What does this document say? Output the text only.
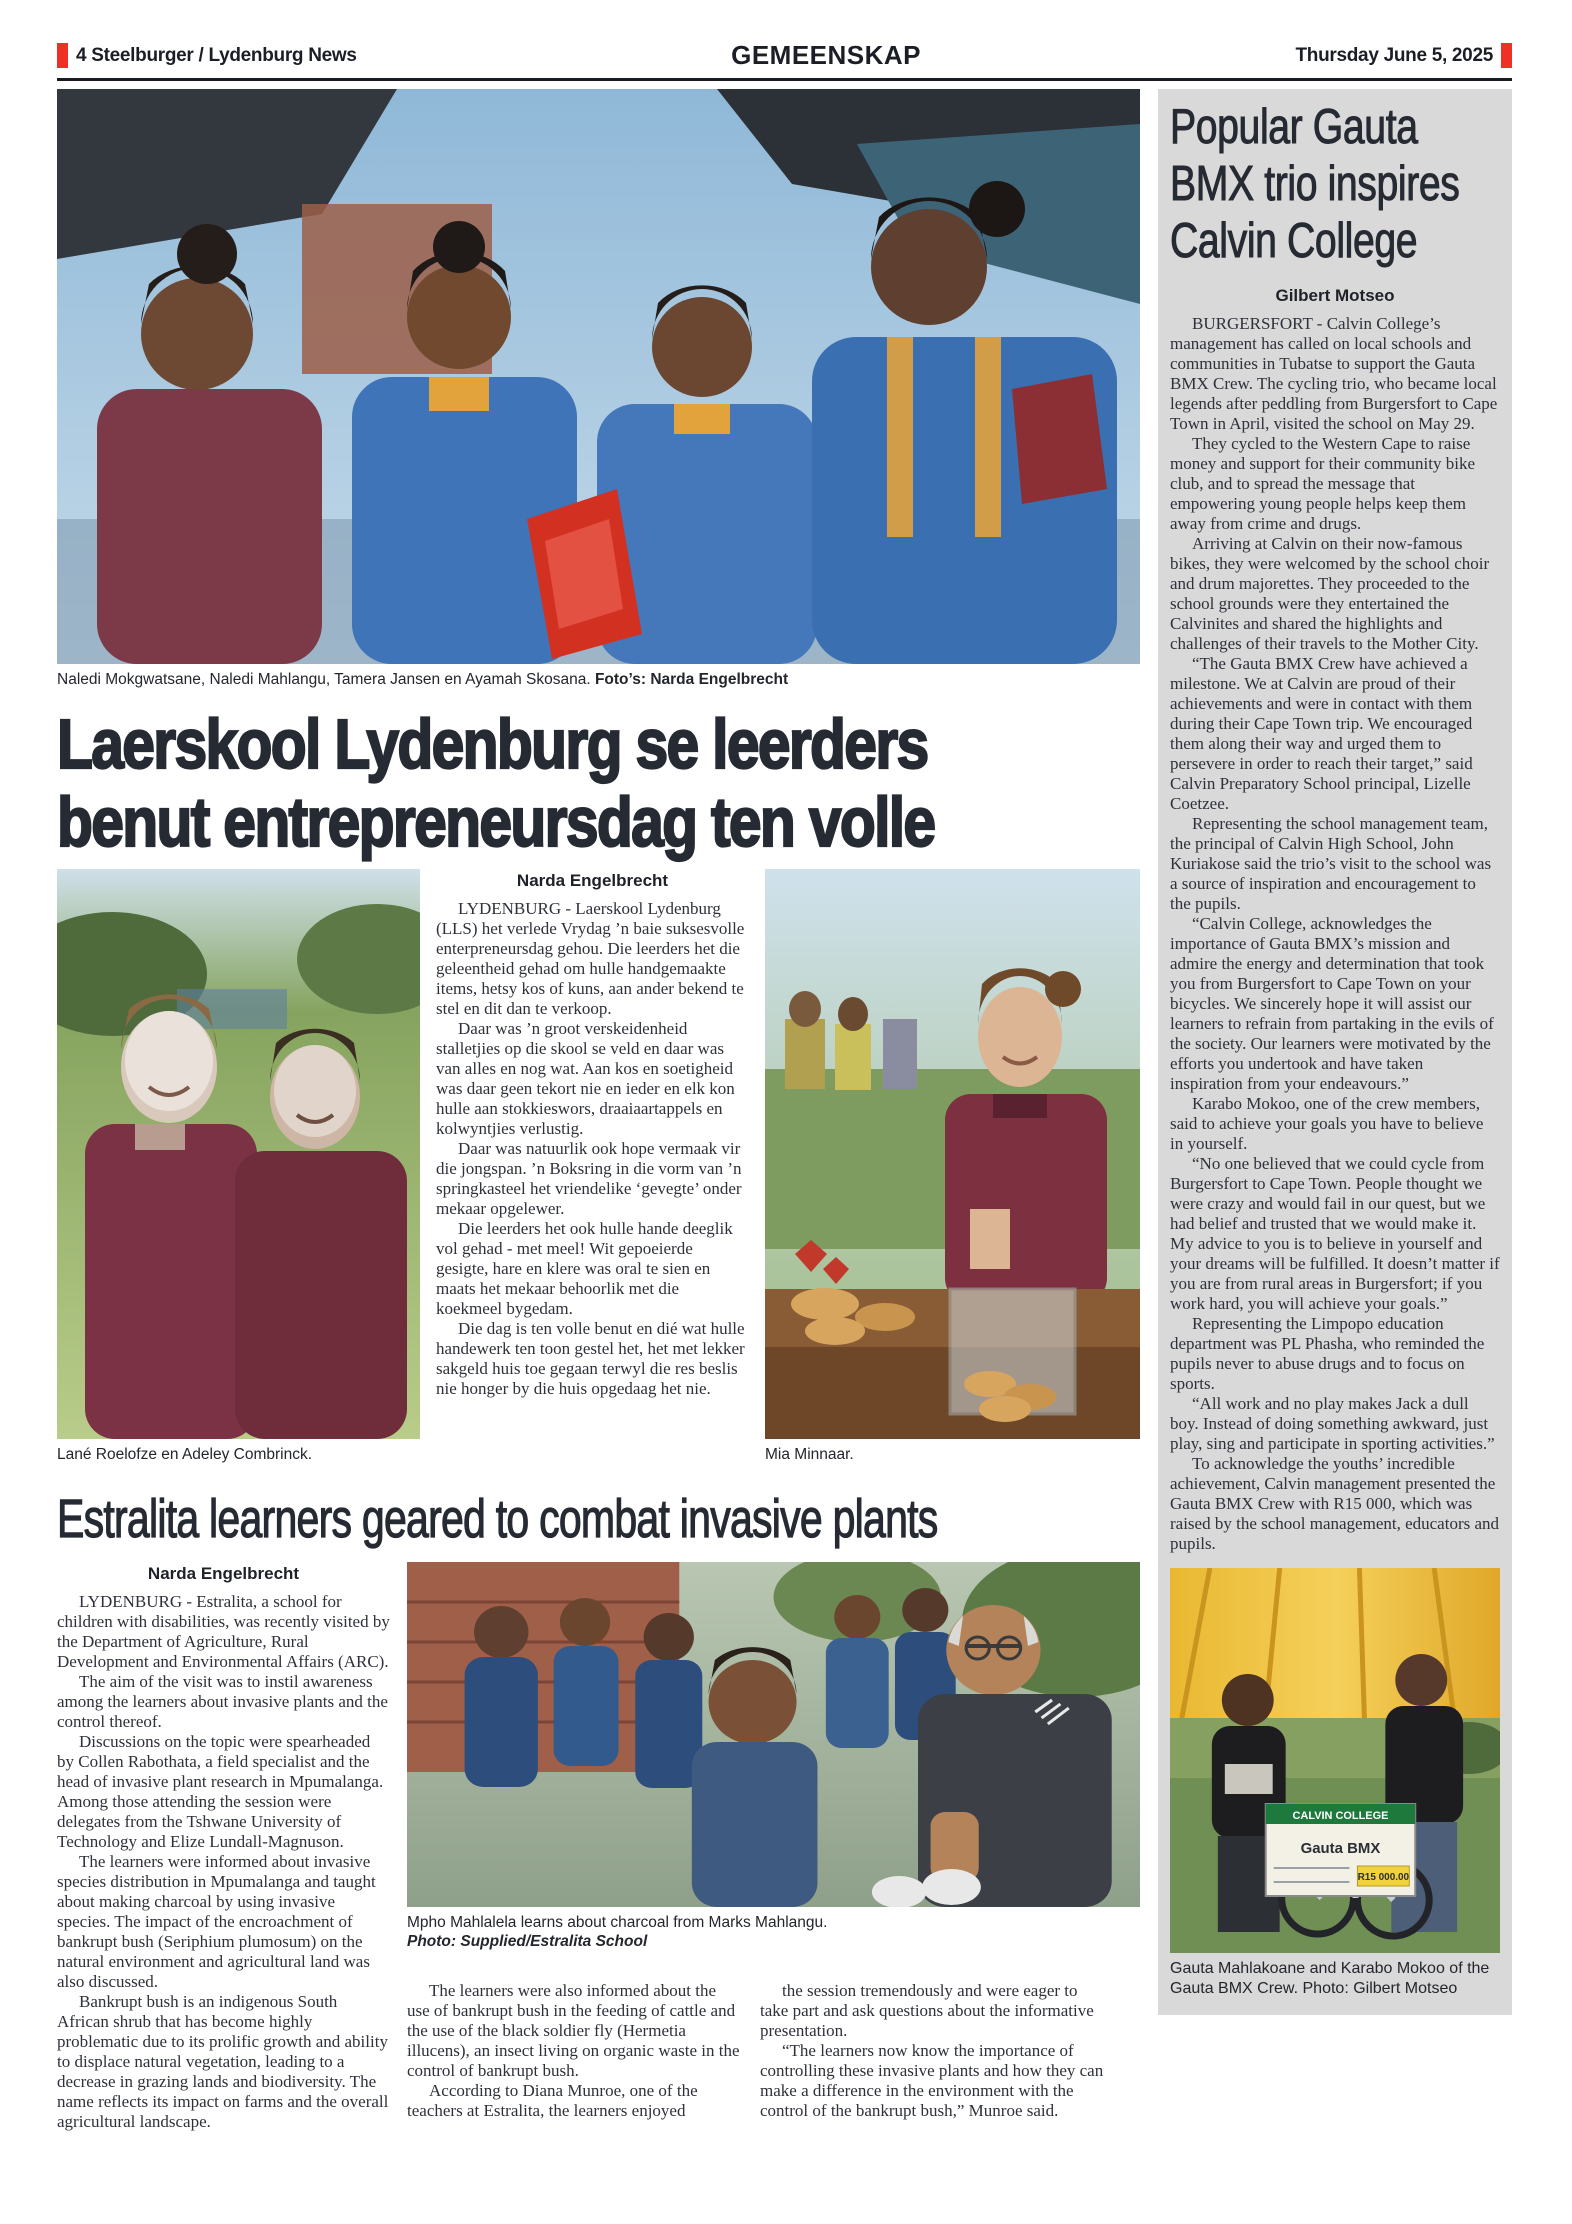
4 Steelburger / Lydenburg News	GEMEENSKAP	Thursday June 5, 2025
Naledi Mokgwatsane, Naledi Mahlangu, Tamera Jansen en Ayamah Skosana. Foto’s: Narda Engelbrecht
Laerskool Lydenburg se leerders
benut entrepreneursdag ten volle
Lané Roelofze en Adeley Combrinck.
Narda Engelbrecht

LYDENBURG - Laerskool Lydenburg (LLS) het verlede Vrydag ’n baie suksesvolle enterpreneursdag gehou. Die leerders het die geleentheid gehad om hulle handgemaakte items, hetsy kos of kuns, aan ander bekend te stel en dit dan te verkoop.

Daar was ’n groot verskeidenheid stalletjies op die skool se veld en daar was van alles en nog wat. Aan kos en soetigheid was daar geen tekort nie en ieder en elk kon hulle aan stokkieswors, draaiaartappels en kolwyntjies verlustig.

Daar was natuurlik ook hope vermaak vir die jongspan. ’n Boksring in die vorm van ’n springkasteel het vriendelike ‘gevegte’ onder mekaar opgelewer.

Die leerders het ook hulle hande deeglik vol gehad - met meel! Wit gepoeierde gesigte, hare en klere was oral te sien en maats het mekaar behoorlik met die koekmeel bygedam.

Die dag is ten volle benut en dié wat hulle handewerk ten toon gestel het, het met lekker sakgeld huis toe gegaan terwyl die res beslis nie honger by die huis opgedaag het nie.

Mia Minnaar.
Estralita learners geared to combat invasive plants
Narda Engelbrecht

LYDENBURG - Estralita, a school for children with disabilities, was recently visited by the Department of Agriculture, Rural Development and Environmental Affairs (ARC).

The aim of the visit was to instil awareness among the learners about invasive plants and the control thereof.

Discussions on the topic were spearheaded by Collen Rabothata, a field specialist and the head of invasive plant research in Mpumalanga. Among those attending the session were delegates from the Tshwane University of Technology and Elize Lundall-Magnuson.

The learners were informed about invasive species distribution in Mpumalanga and taught about making charcoal by using invasive species. The impact of the encroachment of bankrupt bush (Seriphium plumosum) on the natural environment and agricultural land was also discussed.

Bankrupt bush is an indigenous South African shrub that has become highly problematic due to its prolific growth and ability to displace natural vegetation, leading to a decrease in grazing lands and biodiversity. The name reflects its impact on farms and the overall agricultural landscape.

Mpho Mahlalela learns about charcoal from Marks Mahlangu.
Photo: Supplied/Estralita School

The learners were also informed about the use of bankrupt bush in the feeding of cattle and the use of the black soldier fly (Hermetia illucens), an insect living on organic waste in the control of bankrupt bush.

According to Diana Munroe, one of the teachers at Estralita, the learners enjoyed

the session tremendously and were eager to take part and ask questions about the informative presentation.

“The learners now know the importance of controlling these invasive plants and how they can make a difference in the environment with the control of the bankrupt bush,” Munroe said.

Popular Gauta
BMX trio inspires
Calvin College
Gilbert Motseo

BURGERSFORT - Calvin College’s management has called on local schools and communities in Tubatse to support the Gauta BMX Crew. The cycling trio, who became local legends after peddling from Burgersfort to Cape Town in April, visited the school on May 29.

They cycled to the Western Cape to raise money and support for their community bike club, and to spread the message that empowering young people helps keep them away from crime and drugs.

Arriving at Calvin on their now-famous bikes, they were welcomed by the school choir and drum majorettes. They proceeded to the school grounds were they entertained the Calvinites and shared the highlights and challenges of their travels to the Mother City.

“The Gauta BMX Crew have achieved a milestone. We at Calvin are proud of their achievements and were in contact with them during their Cape Town trip. We encouraged them along their way and urged them to persevere in order to reach their target,” said Calvin Preparatory School principal, Lizelle Coetzee.

Representing the school management team, the principal of Calvin High School, John Kuriakose said the trio’s visit to the school was a source of inspiration and encouragement to the pupils.

“Calvin College, acknowledges the importance of Gauta BMX’s mission and admire the energy and determination that took you from Burgersfort to Cape Town on your bicycles. We sincerely hope it will assist our learners to refrain from partaking in the evils of the society. Our learners were motivated by the efforts you undertook and have taken inspiration from your endeavours.”

Karabo Mokoo, one of the crew members, said to achieve your goals you have to believe in yourself.

“No one believed that we could cycle from Burgersfort to Cape Town. People thought we were crazy and would fail in our quest, but we had belief and trusted that we would make it. My advice to you is to believe in yourself and your dreams will be fulfilled. It doesn’t matter if you are from rural areas in Burgersfort; if you work hard, you will achieve your goals.”

Representing the Limpopo education department was PL Phasha, who reminded the pupils never to abuse drugs and to focus on sports.

“All work and no play makes Jack a dull boy. Instead of doing something awkward, just play, sing and participate in sporting activities.”

To acknowledge the youths’ incredible achievement, Calvin management presented the Gauta BMX Crew with R15 000, which was raised by the school management, educators and pupils.

CALVIN COLLEGE
Gauta BMX
R15 000.00
Gauta Mahlakoane and Karabo Mokoo of the Gauta BMX Crew. Photo: Gilbert Motseo
